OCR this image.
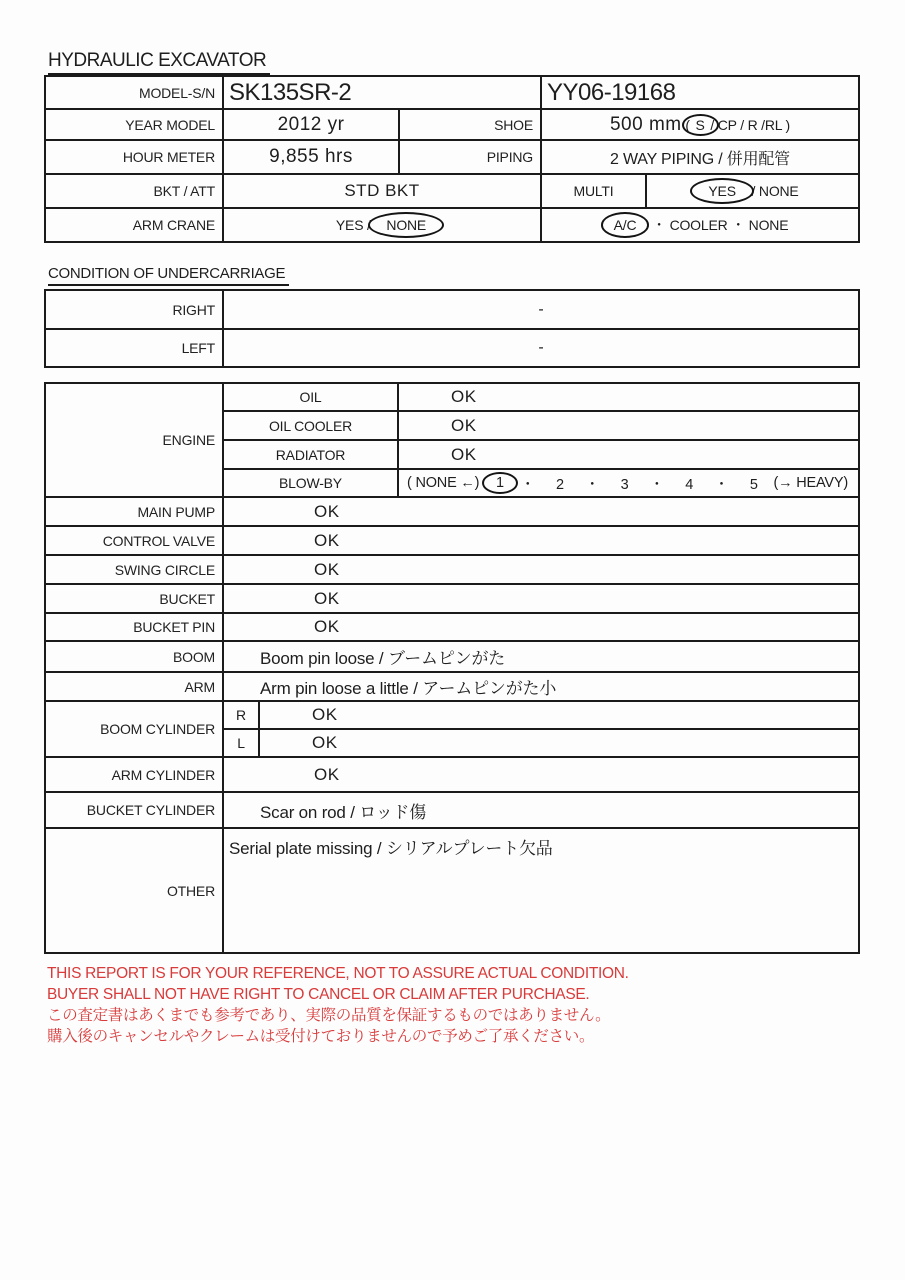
HYDRAULIC EXCAVATOR
MODEL-S/N	SK135SR-2		YY06-19168	
YEAR MODEL	2012 yr	SHOE	500 mm ( S / CP / R /RL )	
HOUR METER	9,855 hrs	PIPING	2 WAY PIPING / 併用配管	
BKT / ATT	STD BKT		MULTI	YES / NONE
ARM CRANE	YES / NONE		A/C ・ COOLER ・ NONE	
CONDITION OF UNDERCARRIAGE
RIGHT	-
LEFT	-
ENGINE	OIL		OK
	OIL COOLER		OK
	RADIATOR		OK
	BLOW-BY		( NONE ←) 1 ・ 2 ・ 3 ・ 4 ・ 5 (→ HEAVY)

MAIN PUMP	OK		
CONTROL VALVE	OK		
SWING CIRCLE	OK		
BUCKET	OK		
BUCKET PIN	OK		
BOOM	Boom pin loose / ブームピンがた		
ARM	Arm pin loose a little / アームピンがた小		
BOOM CYLINDER	R	OK	
	L	OK	
ARM CYLINDER	OK		
BUCKET CYLINDER	Scar on rod / ロッド傷		
OTHER	Serial plate missing / シリアルプレート欠品		
THIS REPORT IS FOR YOUR REFERENCE, NOT TO ASSURE ACTUAL CONDITION.
BUYER SHALL NOT HAVE RIGHT TO CANCEL OR CLAIM AFTER PURCHASE.
この査定書はあくまでも参考であり、実際の品質を保証するものではありません。
購入後のキャンセルやクレームは受付けておりませんので予めご了承ください。
